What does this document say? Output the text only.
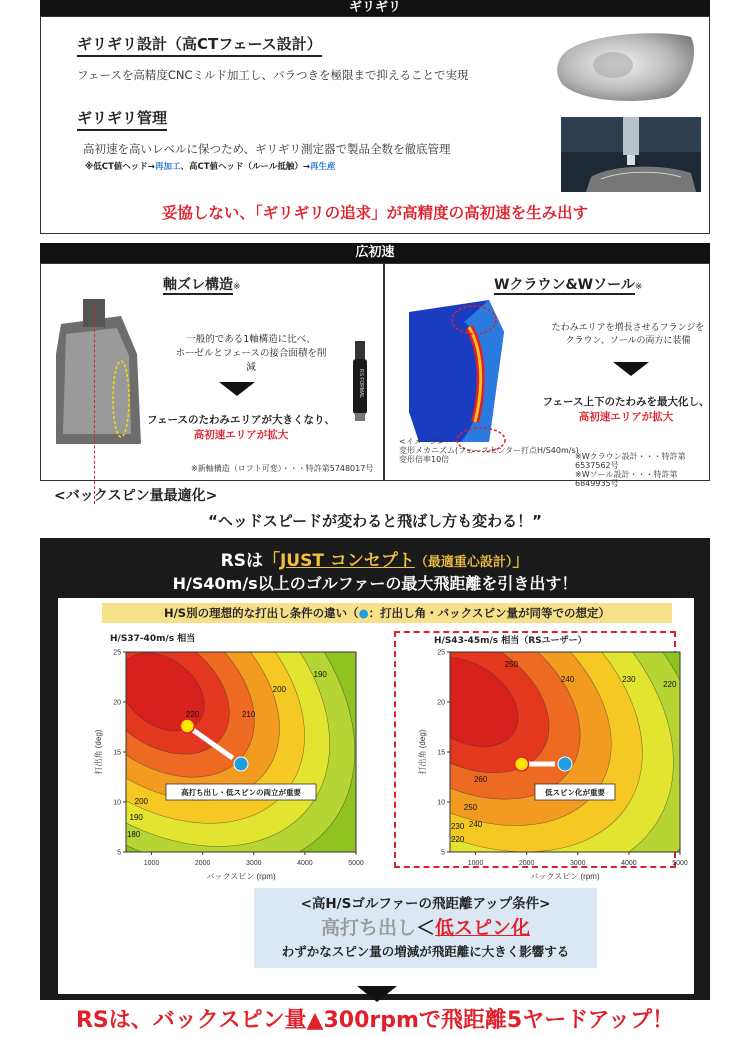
ギリギリ
ギリギリ設計（高CTフェース設計）
フェースを高精度CNCミルド加工し、バラつきを極限まで抑えることで実現
ギリギリ管理
高初速を高いレベルに保つため、ギリギリ測定器で製品全数を徹底管理
※低CT値ヘッド→再加工、高CT値ヘッド（ルール抵触）→再生産
妥協しない、「ギリギリの追求」が高精度の高初速を生み出す
広初速
軸ズレ構造※
一般的である1軸構造に比べ、
ホーゼルとフェースの接合面積を削減
フェースのたわみエリアが大きくなり、
高初速エリアが拡大
※新軸構造（ロフト可変）・・・特許第5748017号
RS FORMAL
Wクラウン&Wソール※
たわみエリアを増長させるフランジを
クラウン、ソールの両方に装備
フェース上下のたわみを最大化し、
高初速エリアが拡大
<イメージ>
変形メカニズム(フェースセンター打点H/S40m/s)
変形倍率10倍	※Wクラウン設計・・・特許第6537562号
※Wソール設計・・・特許第6849935号
<バックスピン量最適化>
“ヘッドスピードが変わると飛ばし方も変わる！”
RSは「JUST コンセプト（最適重心設計）」
H/S40m/s以上のゴルファーの最大飛距離を引き出す！
H/S別の理想的な打出し条件の違い（●：打出し角・バックスピン量が同等での想定）
H/S37-40m/s 相当
1000	2000	3000	4000	5000
5
10
15
20
25
バックスピン (rpm)
打出角 (deg)
190
200
210
220
200
190
180
高打ち出し・低スピンの両立が重要
H/S43-45m/s 相当（RSユーザー）
1000	2000	3000	4000	5000
5
10
15
20
25
バックスピン (rpm)
打出角 (deg)
250
240	230
220
260
250
240
230
220
低スピン化が重要
<高H/Sゴルファーの飛距離アップ条件>
高打ち出し＜低スピン化
わずかなスピン量の増減が飛距離に大きく影響する
RSは、バックスピン量▲300rpmで飛距離5ヤードアップ！
